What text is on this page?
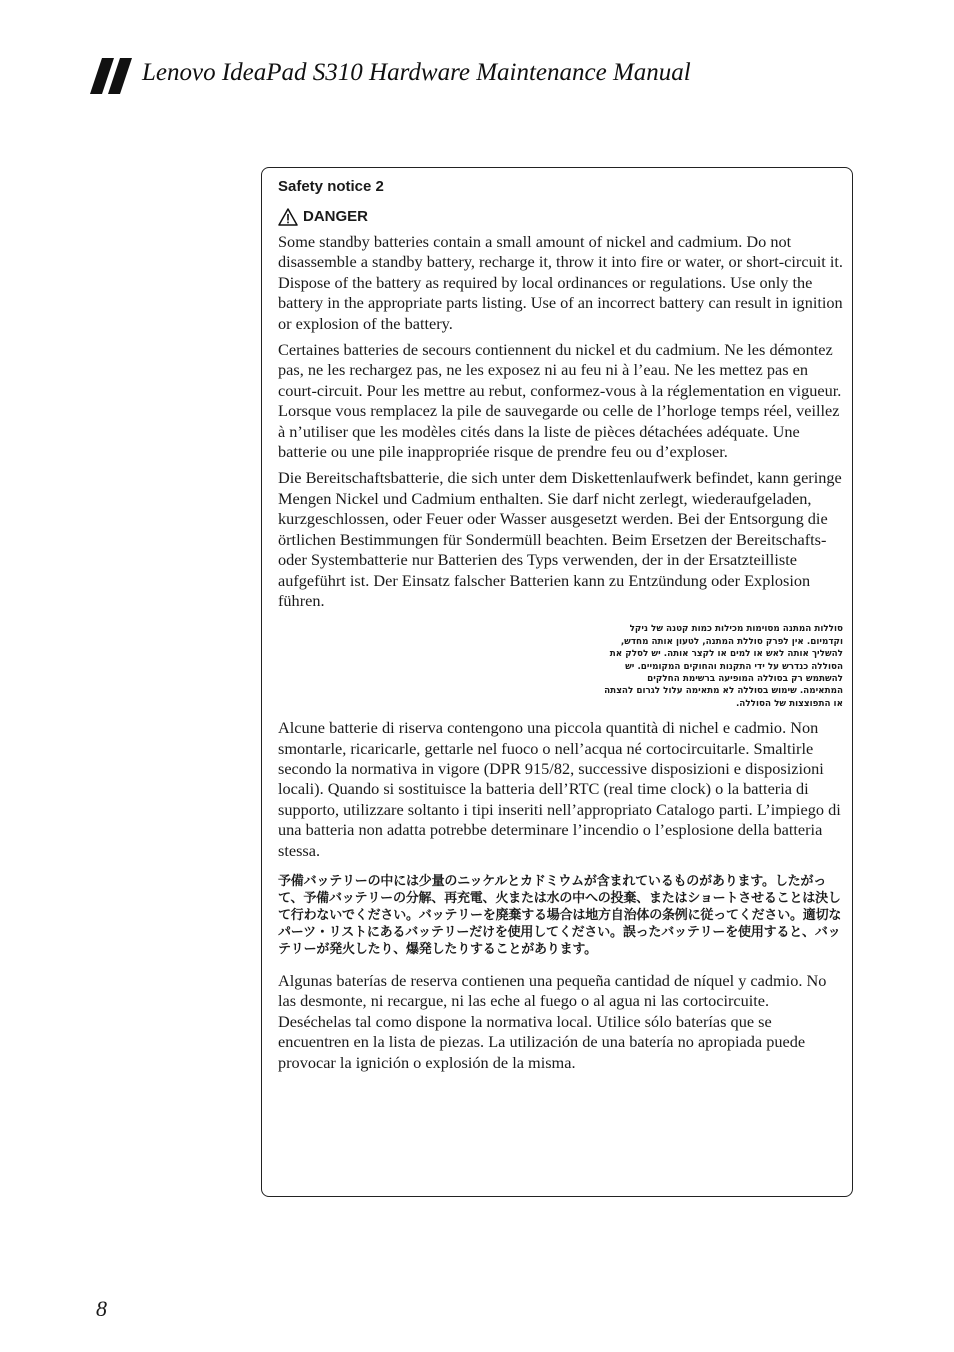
Lenovo IdeaPad S310 Hardware Maintenance Manual

Safety notice 2

DANGER

Some standby batteries contain a small amount of nickel and cadmium. Do not disassemble a standby battery, recharge it, throw it into fire or water, or short-circuit it. Dispose of the battery as required by local ordinances or regulations. Use only the battery in the appropriate parts listing. Use of an incorrect battery can result in ignition or explosion of the battery.

Certaines batteries de secours contiennent du nickel et du cadmium. Ne les démontez pas, ne les rechargez pas, ne les exposez ni au feu ni à l’eau. Ne les mettez pas en court-circuit. Pour les mettre au rebut, conformez-vous à la réglementation en vigueur. Lorsque vous remplacez la pile de sauvegarde ou celle de l’horloge temps réel, veillez à n’utiliser que les modèles cités dans la liste de pièces détachées adéquate. Une batterie ou une pile inappropriée risque de prendre feu ou d’exploser.

Die Bereitschaftsbatterie, die sich unter dem Diskettenlaufwerk befindet, kann geringe Mengen Nickel und Cadmium enthalten. Sie darf nicht zerlegt, wiederaufgeladen, kurzgeschlossen, oder Feuer oder Wasser ausgesetzt werden. Bei der Entsorgung die örtlichen Bestimmungen für Sondermüll beachten. Beim Ersetzen der Bereitschafts-oder Systembatterie nur Batterien des Typs verwenden, der in der Ersatzteilliste aufgeführt ist. Der Einsatz falscher Batterien kann zu Entzündung oder Explosion führen.

סוללות המתנה מסוימות מכילות כמות קטנה של ניקל וקדמיום. אין לפרק סוללת המתנה, לטעון אותה מחדש, להשליך אותה לאש או למים או לקצר אותה. יש לסלק את הסוללה כנדרש על ידי התקנות והחוקים המקומיים. יש להשתמש רק בסוללה המופיעה ברשימת החלקים המתאימה. שימוש בסוללה לא מתאימה עלול לגרום להצתה או התפוצצות של הסוללה.

Alcune batterie di riserva contengono una piccola quantità di nichel e cadmio. Non smontarle, ricaricarle, gettarle nel fuoco o nell’acqua né cortocircuitarle. Smaltirle secondo la normativa in vigore (DPR 915/82, successive disposizioni e disposizioni locali). Quando si sostituisce la batteria dell’RTC (real time clock) o la batteria di supporto, utilizzare soltanto i tipi inseriti nell’appropriato Catalogo parti. L’impiego di una batteria non adatta potrebbe determinare l’incendio o l’esplosione della batteria stessa.

予備バッテリーの中には少量のニッケルとカドミウムが含まれているものがあります。したがって、予備バッテリーの分解、再充電、火または水の中への投棄、またはショートさせることは決して行わないでください。バッテリーを廃棄する場合は地方自治体の条例に従ってください。適切なパーツ・リストにあるバッテリーだけを使用してください。誤ったバッテリーを使用すると、バッテリーが発火したり、爆発したりすることがあります。

Algunas baterías de reserva contienen una pequeña cantidad de níquel y cadmio. No las desmonte, ni recargue, ni las eche al fuego o al agua ni las cortocircuite. Deséchelas tal como dispone la normativa local. Utilice sólo baterías que se encuentren en la lista de piezas. La utilización de una batería no apropiada puede provocar la ignición o explosión de la misma.

8
